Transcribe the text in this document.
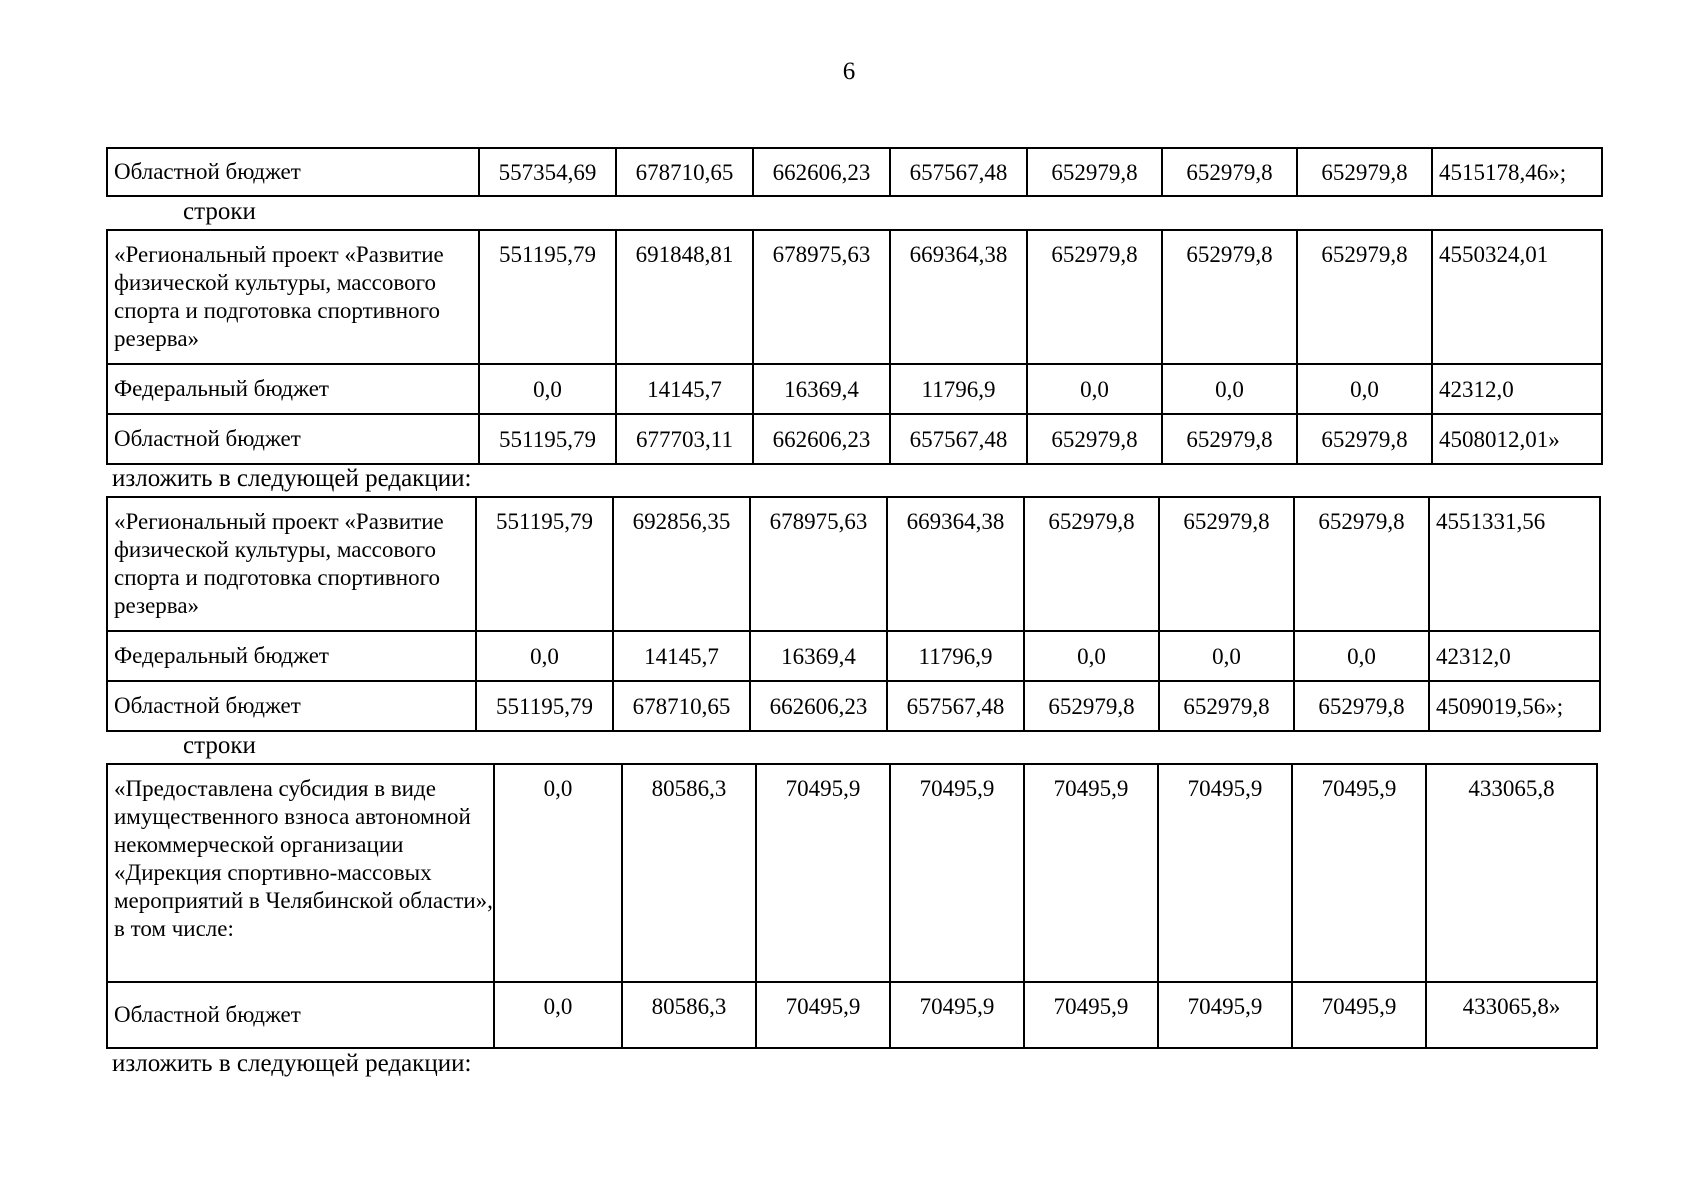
6
Областной бюджет	557354,69	678710,65	662606,23	657567,48	652979,8	652979,8	652979,8	4515178,46»;
строки
«Региональный проект «Развитие физической культуры, массового спорта и подготовка спортивного резерва»	551195,79	691848,81	678975,63	669364,38	652979,8	652979,8	652979,8	4550324,01
Федеральный бюджет	0,0	14145,7	16369,4	11796,9	0,0	0,0	0,0	42312,0
Областной бюджет	551195,79	677703,11	662606,23	657567,48	652979,8	652979,8	652979,8	4508012,01»
изложить в следующей редакции:
«Региональный проект «Развитие физической культуры, массового спорта и подготовка спортивного резерва»	551195,79	692856,35	678975,63	669364,38	652979,8	652979,8	652979,8	4551331,56
Федеральный бюджет	0,0	14145,7	16369,4	11796,9	0,0	0,0	0,0	42312,0
Областной бюджет	551195,79	678710,65	662606,23	657567,48	652979,8	652979,8	652979,8	4509019,56»;
строки
«Предоставлена субсидия в виде имущественного взноса автономной некоммерческой организации «Дирекция спортивно-массовых мероприятий в Челябинской области», в том числе:	0,0	80586,3	70495,9	70495,9	70495,9	70495,9	70495,9	433065,8
Областной бюджет	0,0	80586,3	70495,9	70495,9	70495,9	70495,9	70495,9	433065,8»
изложить в следующей редакции:
